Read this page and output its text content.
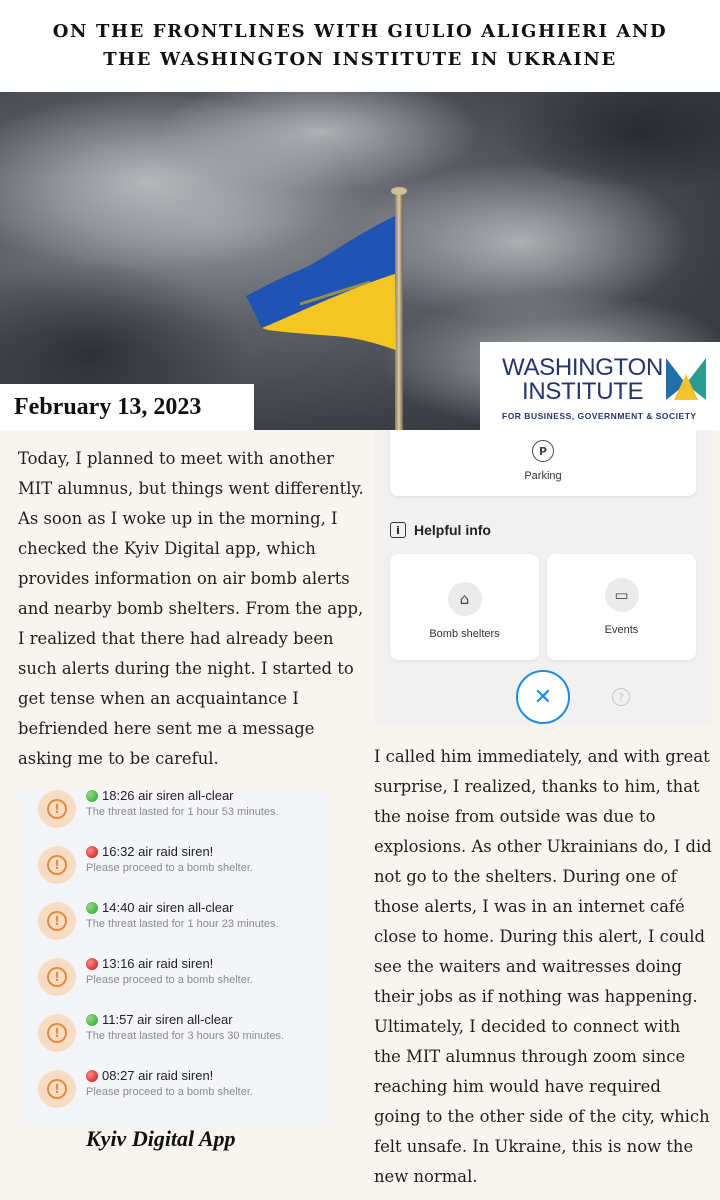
ON THE FRONTLINES WITH GIULIO ALIGHIERI AND THE WASHINGTON INSTITUTE IN UKRAINE
WASHINGTON
INSTITUTE
FOR BUSINESS, GOVERNMENT & SOCIETY
February 13, 2023

Today, I planned to meet with another MIT alumnus, but things went differently. As soon as I woke up in the morning, I checked the Kyiv Digital app, which provides information on air bomb alerts and nearby bomb shelters. From the app, I realized that there had already been such alerts during the night. I started to get tense when an acquaintance I befriended here sent me a message asking me to be careful.

P
Parking
i	Helpful info
⌂
Bomb shelters
▭
Events
✕	?

I called him immediately, and with great surprise, I realized, thanks to him, that the noise from outside was due to explosions. As other Ukrainians do, I did not go to the shelters. During one of those alerts, I was in an internet café close to home. During this alert, I could see the waiters and waitresses doing their jobs as if nothing was happening. Ultimately, I decided to connect with the MIT alumnus through zoom since reaching him would have required going to the other side of the city, which felt unsafe. In Ukraine, this is now the new normal.

!
18:26 air siren all-clear
The threat lasted for 1 hour 53 minutes.
!
16:32 air raid siren!
Please proceed to a bomb shelter.
!
14:40 air siren all-clear
The threat lasted for 1 hour 23 minutes.
!
13:16 air raid siren!
Please proceed to a bomb shelter.
!
11:57 air siren all-clear
The threat lasted for 3 hours 30 minutes.
!
08:27 air raid siren!
Please proceed to a bomb shelter.
Kyiv Digital App
